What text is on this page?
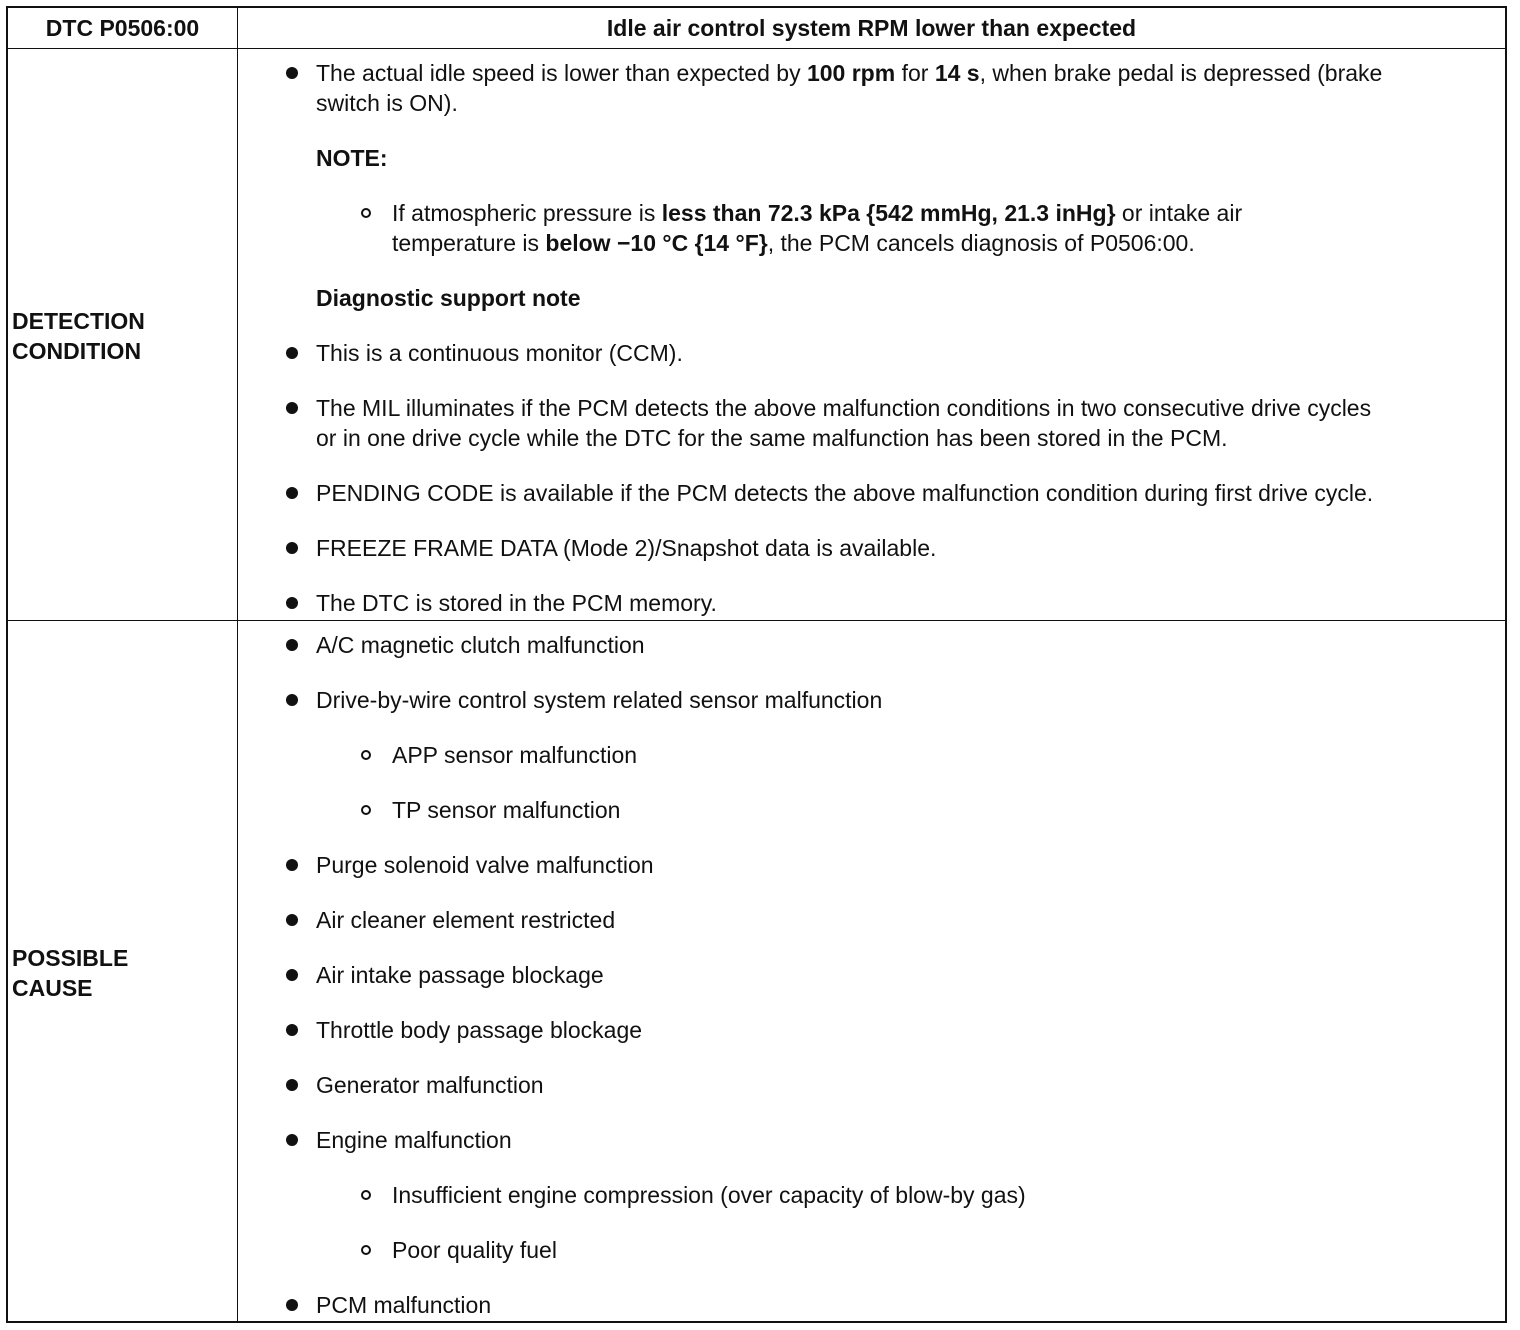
DTC P0506:00	Idle air control system RPM lower than expected
DETECTION
CONDITION
The actual idle speed is lower than expected by 100 rpm for 14 s, when brake pedal is depressed (brake
switch is ON).
NOTE:
If atmospheric pressure is less than 72.3 kPa {542 mmHg, 21.3 inHg} or intake air
temperature is below −10 °C {14 °F}, the PCM cancels diagnosis of P0506:00.
Diagnostic support note
This is a continuous monitor (CCM).
The MIL illuminates if the PCM detects the above malfunction conditions in two consecutive drive cycles
or in one drive cycle while the DTC for the same malfunction has been stored in the PCM.
PENDING CODE is available if the PCM detects the above malfunction condition during first drive cycle.
FREEZE FRAME DATA (Mode 2)/Snapshot data is available.
The DTC is stored in the PCM memory.
POSSIBLE
CAUSE
A/C magnetic clutch malfunction
Drive-by-wire control system related sensor malfunction
APP sensor malfunction
TP sensor malfunction
Purge solenoid valve malfunction
Air cleaner element restricted
Air intake passage blockage
Throttle body passage blockage
Generator malfunction
Engine malfunction
Insufficient engine compression (over capacity of blow-by gas)
Poor quality fuel
PCM malfunction
